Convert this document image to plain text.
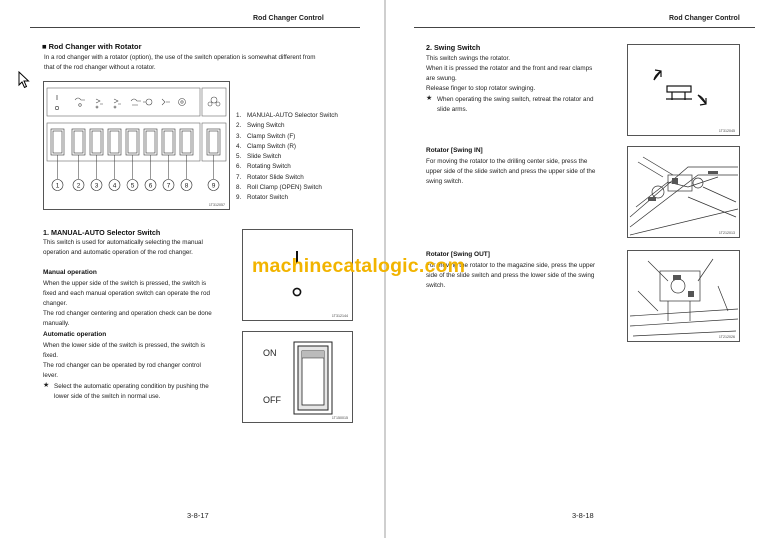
Rod Changer Control
■ Rod Changer with Rotator
In a rod changer with a rotator (option), the use of the switch operation is somewhat different from
that of the rod changer without a rotator.
1	2 3 4 5 6 7 8	9
1T312057
1. MANUAL-AUTO Selector Switch
2. Swing Switch
3. Clamp Switch (F)
4. Clamp Switch (R)
5. Slide Switch
6. Rotating Switch
7. Rotator Slide Switch
8. Roll Clamp (OPEN) Switch
9. Rotator Switch
1. MANUAL-AUTO Selector Switch
This switch is used for automatically selecting the manual
operation and automatic operation of the rod changer.
Manual operation
When the upper side of the switch is pressed, the switch is
fixed and each manual operation switch can operate the rod
changer.
The rod changer centering and operation check can be done
manually.
Automatic operation
When the lower side of the switch is pressed, the switch is
fixed.
The rod changer can be operated by rod changer control
lever.
★ Select the automatic operating condition by pushing the
lower side of the switch in normal use.
1T312144
ON
OFF
1T150015
3-8-17
Rod Changer Control
2. Swing Switch
This switch swings the rotator.
When it is pressed the rotator and the front and rear clamps
are swung.
Release finger to stop rotator swinging.
★ When operating the swing switch, retreat the rotator and
slide arms.
1T312045
Rotator [Swing IN]
For moving the rotator to the drilling center side, press the
upper side of the slide switch and press the upper side of the
swing switch.
1T212013
Rotator [Swing OUT]
For moving the rotator to the magazine side, press the upper
side of the slide switch and press the lower side of the swing
switch.
1T212026
3-8-18
machinecatalogic.com
